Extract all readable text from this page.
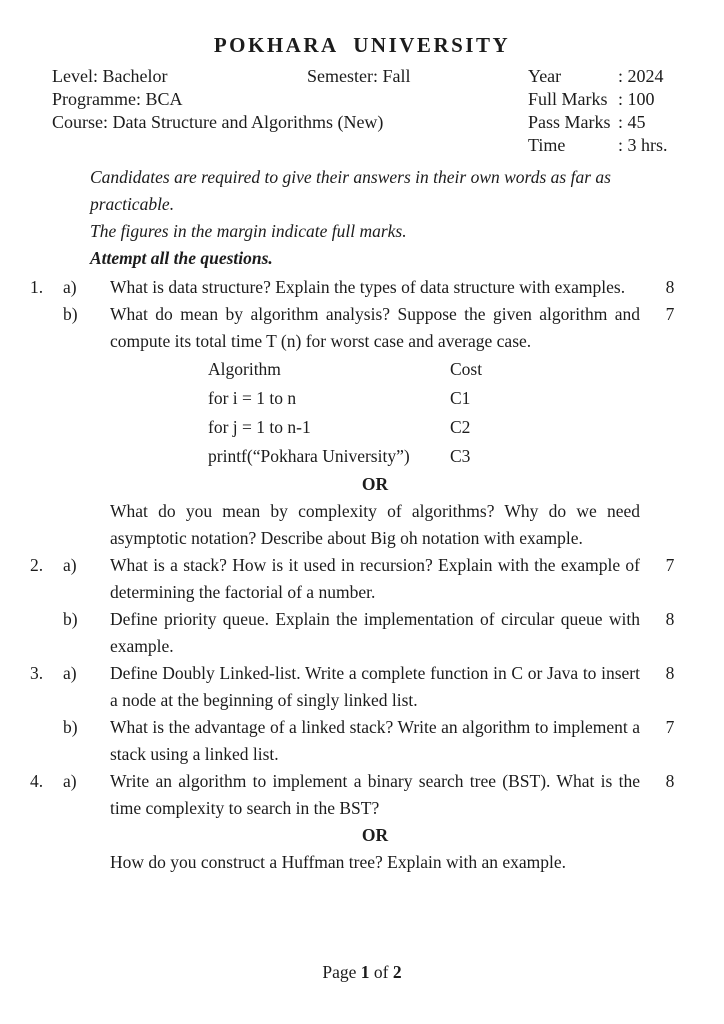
POKHARA UNIVERSITY
Level: Bachelor
Programme: BCA
Course: Data Structure and Algorithms (New)
Semester: Fall	Year	: 2024
Full Marks : 100
Pass Marks : 45
Time	: 3 hrs.

Candidates are required to give their answers in their own words as far as practicable.

The figures in the margin indicate full marks.

Attempt all the questions.

1.	a)	What is data structure? Explain the types of data structure with examples.	8
b)	What do mean by algorithm analysis? Suppose the given algorithm and compute its total time T (n) for worst case and average case.
7
Algorithm	Cost
for i = 1 to n	C1
for j = 1 to n-1	C2
printf(“Pokhara University”)	C3
OR
What do you mean by complexity of algorithms? Why do we need asymptotic notation? Describe about Big oh notation with example.
2.	a)	What is a stack? How is it used in recursion? Explain with the example of determining the factorial of a number.
7
b)	Define priority queue. Explain the implementation of circular queue with example.
8
3.	a)	Define Doubly Linked-list. Write a complete function in C or Java to insert a node at the beginning of singly linked list.
8
b)	What is the advantage of a linked stack? Write an algorithm to implement a stack using a linked list.
7
4.	a)	Write an algorithm to implement a binary search tree (BST). What is the time complexity to search in the BST?
8
OR
How do you construct a Huffman tree? Explain with an example.
Page 1 of 2
